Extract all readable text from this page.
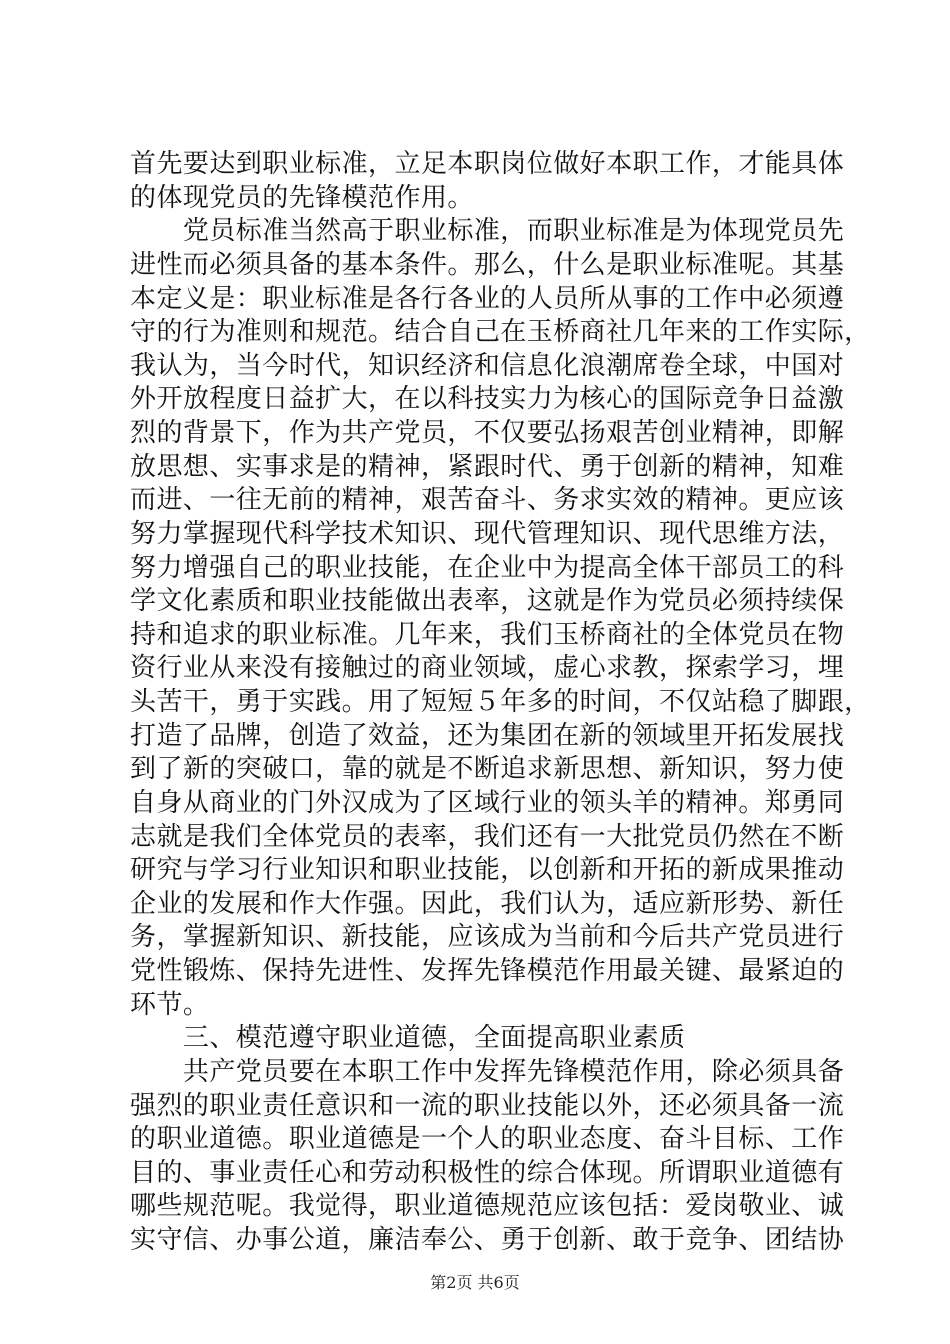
首先要达到职业标准，立足本职岗位做好本职工作，才能具体
的体现党员的先锋模范作用。
　　党员标准当然高于职业标准，而职业标准是为体现党员先
进性而必须具备的基本条件。那么，什么是职业标准呢。其基
本定义是：职业标准是各行各业的人员所从事的工作中必须遵
守的行为准则和规范。结合自己在玉桥商社几年来的工作实际，
我认为，当今时代，知识经济和信息化浪潮席卷全球，中国对
外开放程度日益扩大，在以科技实力为核心的国际竞争日益激
烈的背景下，作为共产党员，不仅要弘扬艰苦创业精神，即解
放思想、实事求是的精神，紧跟时代、勇于创新的精神，知难
而进、一往无前的精神，艰苦奋斗、务求实效的精神。更应该
努力掌握现代科学技术知识、现代管理知识、现代思维方法，
努力增强自己的职业技能，在企业中为提高全体干部员工的科
学文化素质和职业技能做出表率，这就是作为党员必须持续保
持和追求的职业标准。几年来，我们玉桥商社的全体党员在物
资行业从来没有接触过的商业领域，虚心求教，探索学习，埋
头苦干，勇于实践。用了短短５年多的时间，不仅站稳了脚跟，
打造了品牌，创造了效益，还为集团在新的领域里开拓发展找
到了新的突破口，靠的就是不断追求新思想、新知识，努力使
自身从商业的门外汉成为了区域行业的领头羊的精神。郑勇同
志就是我们全体党员的表率，我们还有一大批党员仍然在不断
研究与学习行业知识和职业技能，以创新和开拓的新成果推动
企业的发展和作大作强。因此，我们认为，适应新形势、新任
务，掌握新知识、新技能，应该成为当前和今后共产党员进行
党性锻炼、保持先进性、发挥先锋模范作用最关键、最紧迫的
环节。
　　三、模范遵守职业道德，全面提高职业素质
　　共产党员要在本职工作中发挥先锋模范作用，除必须具备
强烈的职业责任意识和一流的职业技能以外，还必须具备一流
的职业道德。职业道德是一个人的职业态度、奋斗目标、工作
目的、事业责任心和劳动积极性的综合体现。所谓职业道德有
哪些规范呢。我觉得，职业道德规范应该包括：爱岗敬业、诚
实守信、办事公道，廉洁奉公、勇于创新、敢于竞争、团结协
第2页 共6页
